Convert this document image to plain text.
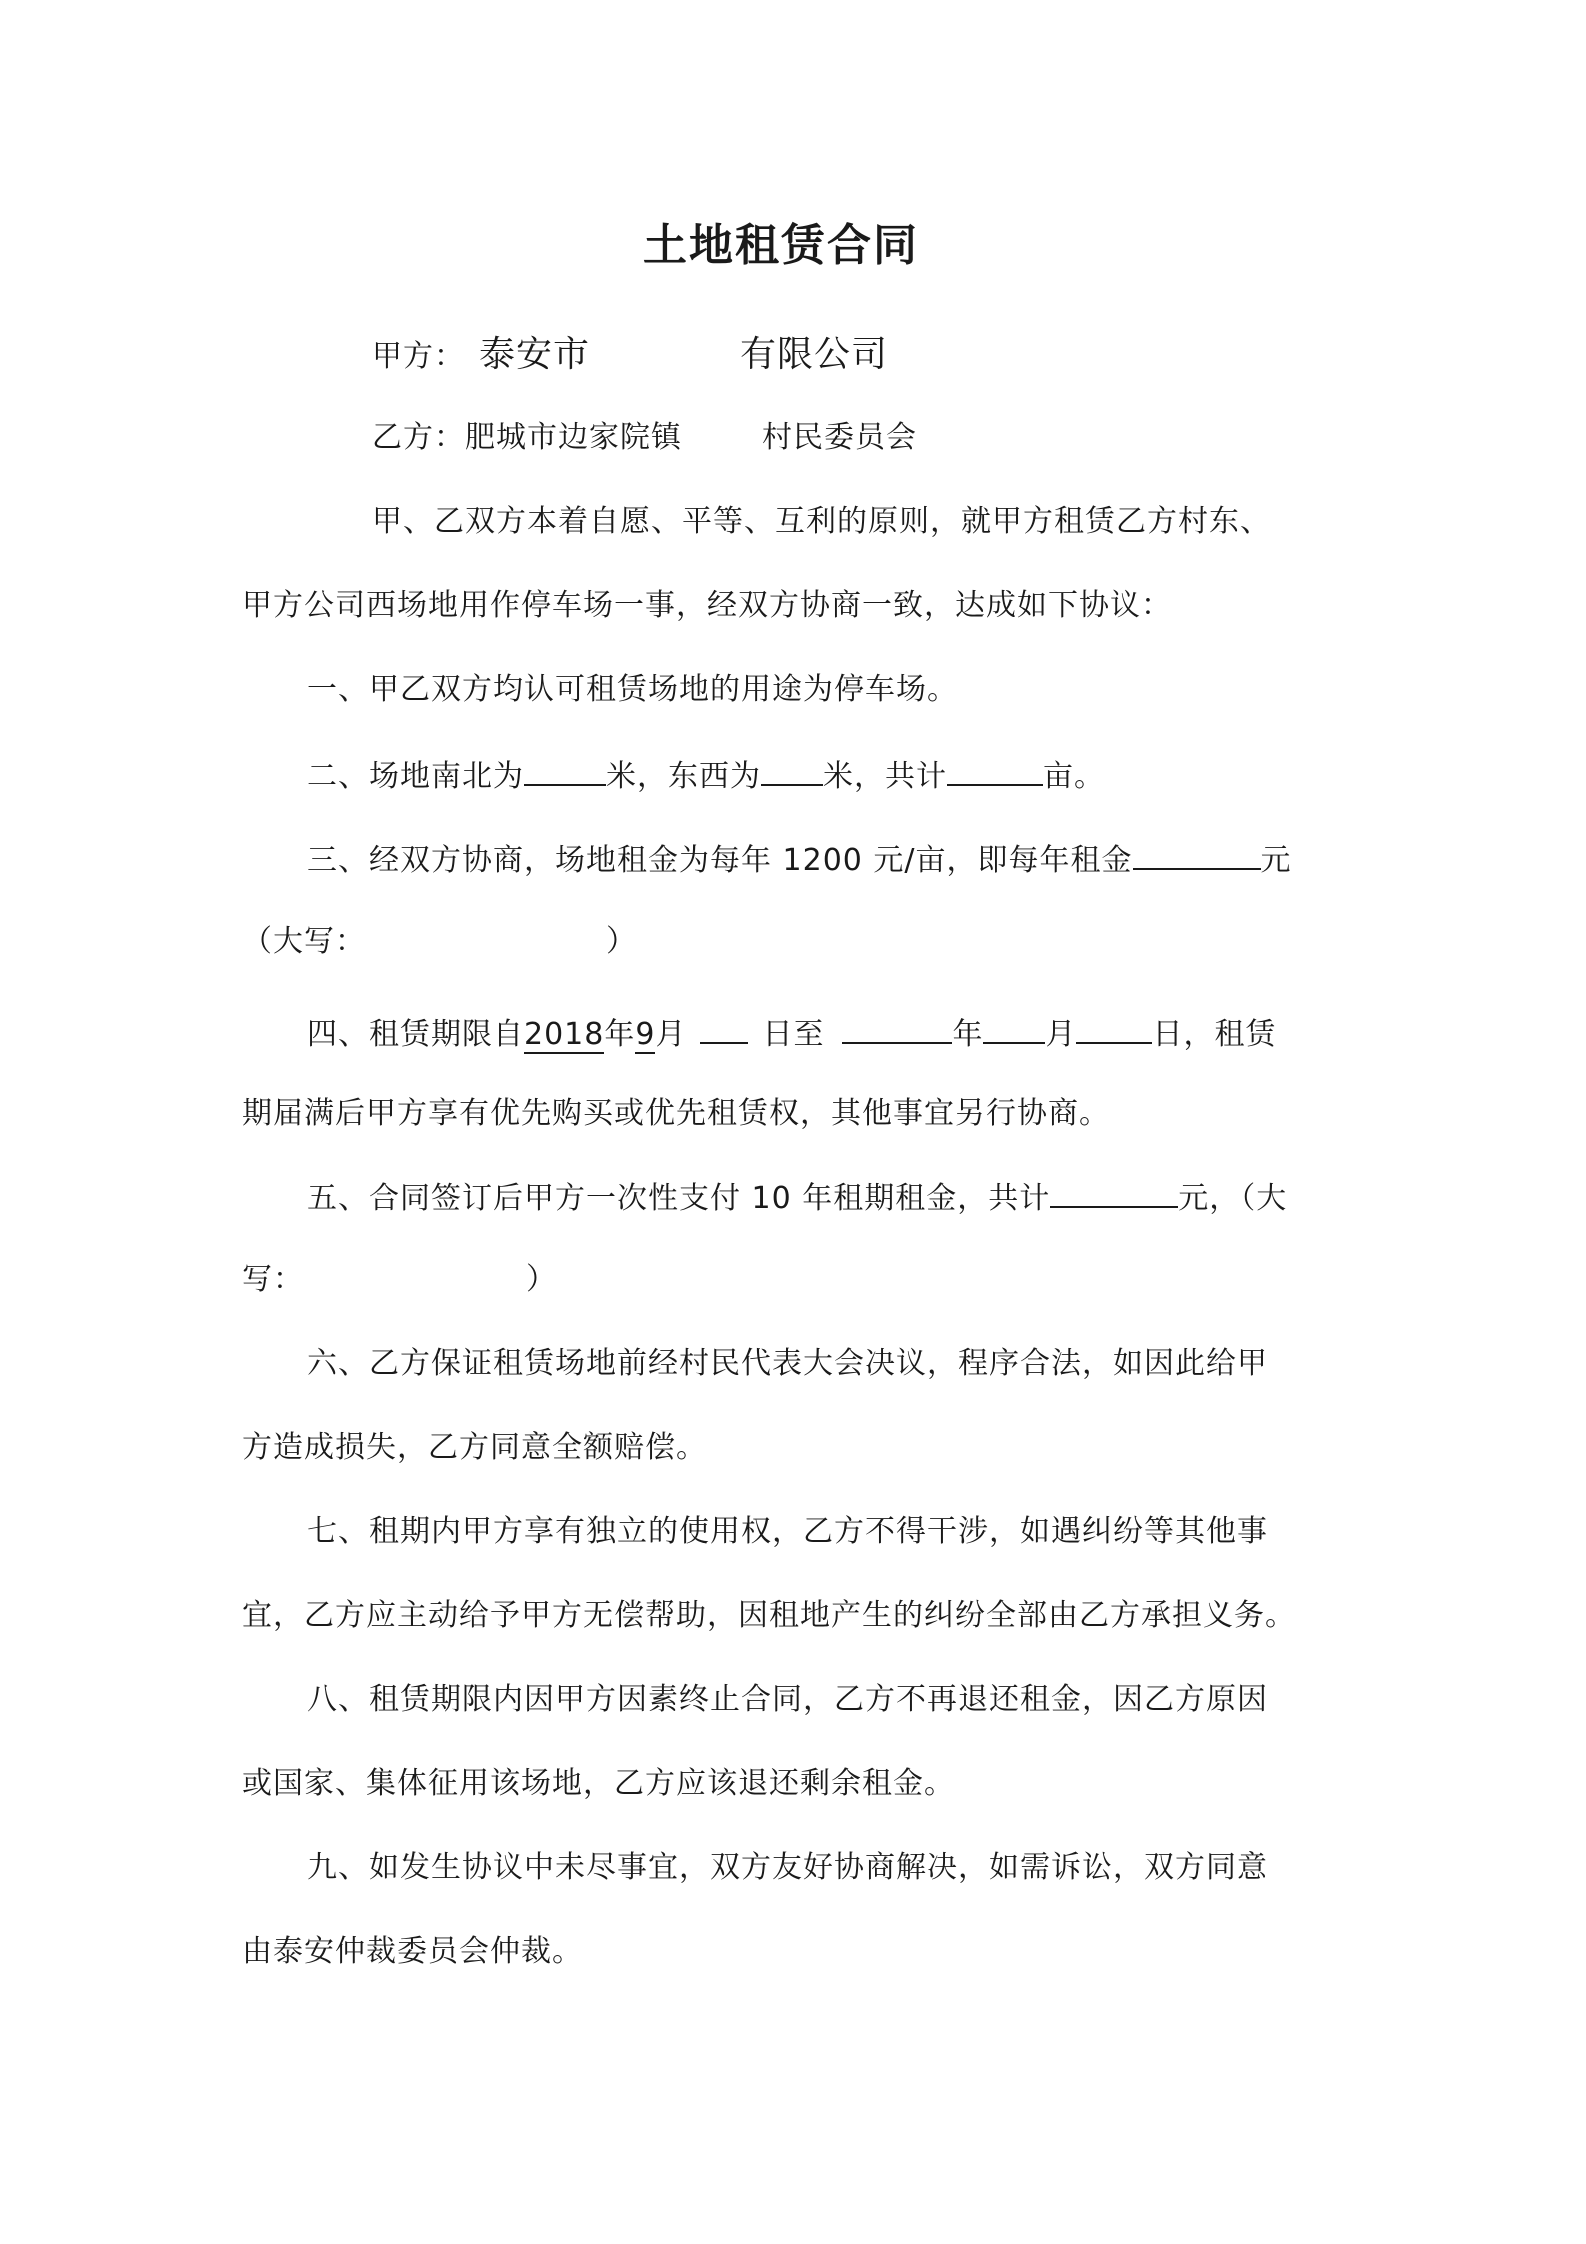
土地租赁合同

甲方： 泰安市	有限公司

乙方：肥城市边家院镇	村民委员会

甲、乙双方本着自愿、平等、互利的原则，就甲方租赁乙方村东、

甲方公司西场地用作停车场一事，经双方协商一致，达成如下协议：

一、甲乙双方均认可租赁场地的用途为停车场。

二、场地南北为	米，东西为 米，共计	亩。

三、经双方协商，场地租金为每年 1200 元/亩，即每年租金	元

（大写：	）

四、租赁期限自2018年9月	日至	年 月	日，租赁

期届满后甲方享有优先购买或优先租赁权，其他事宜另行协商。

五、合同签订后甲方一次性支付 10 年租期租金，共计	元，（大

写：	）

六、乙方保证租赁场地前经村民代表大会决议，程序合法，如因此给甲

方造成损失，乙方同意全额赔偿。

七、租期内甲方享有独立的使用权，乙方不得干涉，如遇纠纷等其他事

宜，乙方应主动给予甲方无偿帮助，因租地产生的纠纷全部由乙方承担义务。

八、租赁期限内因甲方因素终止合同，乙方不再退还租金，因乙方原因

或国家、集体征用该场地，乙方应该退还剩余租金。

九、如发生协议中未尽事宜，双方友好协商解决，如需诉讼，双方同意

由泰安仲裁委员会仲裁。
